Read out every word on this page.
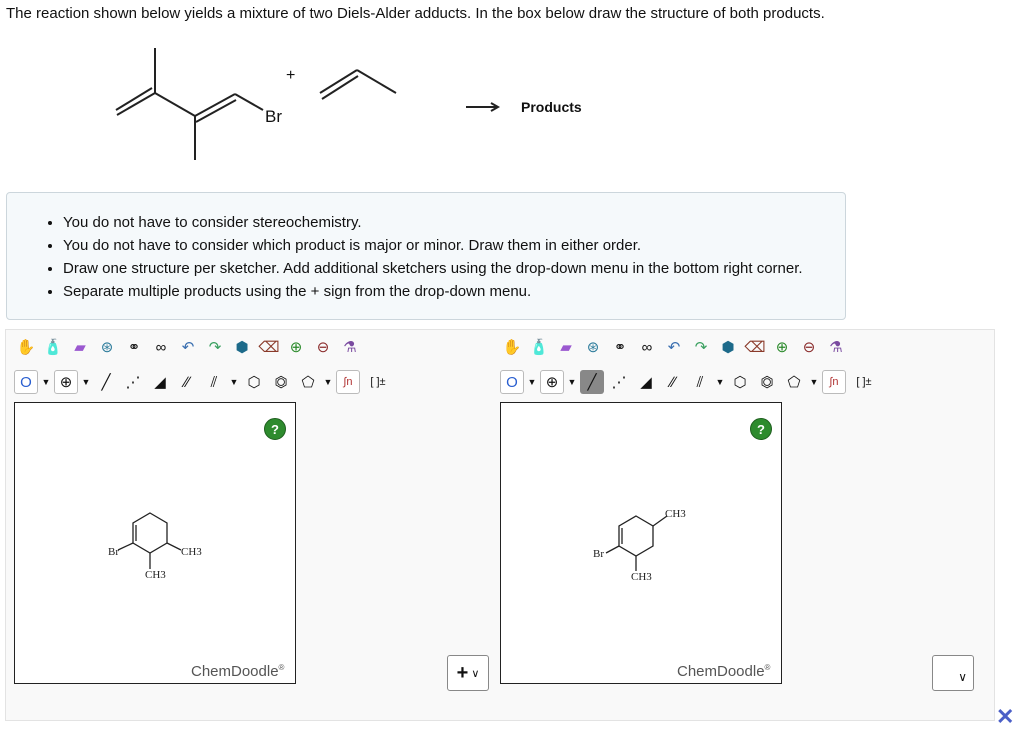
The reaction shown below yields a mixture of two Diels-Alder adducts. In the box below draw the structure of both products.
+
Br	Products
• You do not have to consider stereochemistry.
• You do not have to consider which product is major or minor. Draw them in either order.
• Draw one structure per sketcher. Add additional sketchers using the drop-down menu in the bottom right corner.
• Separate multiple products using the + sign from the drop-down menu.
✋ 🧴 ▰ ⊛ ⚭	∞	↶ ↷ ⬢ ⌫ ⊕ ⊖ ⚗
O	▼ ⊕	▼ ╱ ⋰ ◢	∕∕	⫽	▼ ⬡ ⏣ ⬠	▼ ∫n	[ ]±
?
Br
CH3
CH3
ChemDoodle®
✋ 🧴 ▰ ⊛ ⚭	∞	↶ ↷ ⬢ ⌫ ⊕ ⊖ ⚗
O	▼ ⊕	▼ ╱ ⋰ ◢	∕∕	⫽	▼ ⬡ ⏣ ⬠	▼ ∫n	[ ]±
?
Br
CH3
CH3
ChemDoodle®
+ ∨	∨
✕
